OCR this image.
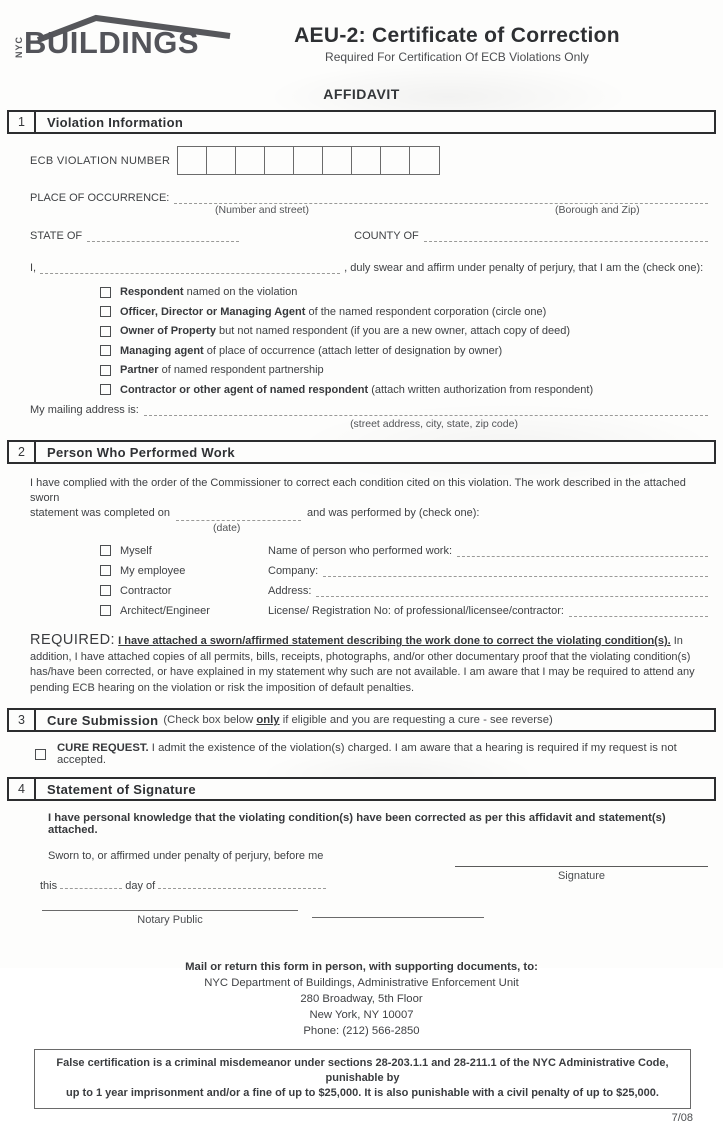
NYC BUILDINGS	AEU-2: Certificate of Correction
Required For Certification Of ECB Violations Only
AFFIDAVIT
1	Violation Information
ECB VIOLATION NUMBER
PLACE OF OCCURRENCE:
(Number and street)	(Borough and Zip)
STATE OF	COUNTY OF
I,	, duly swear and affirm under penalty of perjury, that I am the (check one):
Respondent named on the violation
Officer, Director or Managing Agent of the named respondent corporation (circle one)
Owner of Property but not named respondent (if you are a new owner, attach copy of deed)
Managing agent of place of occurrence (attach letter of designation by owner)
Partner of named respondent partnership
Contractor or other agent of named respondent (attach written authorization from respondent)
My mailing address is:
(street address, city, state, zip code)
2	Person Who Performed Work
I have complied with the order of the Commissioner to correct each condition cited on this violation. The work described in the attached sworn
statement was completed on	and was performed by (check one):
(date)
Myself	Name of person who performed work:
My employee	Company:
Contractor	Address:
Architect/Engineer	License/ Registration No: of professional/licensee/contractor:
REQUIRED: I have attached a sworn/affirmed statement describing the work done to correct the violating condition(s). In addition, I have attached copies of all permits, bills, receipts, photographs, and/or other documentary proof that the violating condition(s) has/have been corrected, or have explained in my statement why such are not available. I am aware that I may be required to attend any pending ECB hearing on the violation or risk the imposition of default penalties.
3	Cure Submission (Check box below only if eligible and you are requesting a cure - see reverse)
CURE REQUEST. I admit the existence of the violation(s) charged. I am aware that a hearing is required if my request is not accepted.
4	Statement of Signature
I have personal knowledge that the violating condition(s) have been corrected as per this affidavit and statement(s) attached.
Sworn to, or affirmed under penalty of perjury, before me
Signature
this	day of
Notary Public
Mail or return this form in person, with supporting documents, to:
NYC Department of Buildings, Administrative Enforcement Unit
280 Broadway, 5th Floor
New York, NY 10007
Phone: (212) 566-2850
False certification is a criminal misdemeanor under sections 28-203.1.1 and 28-211.1 of the NYC Administrative Code, punishable by
up to 1 year imprisonment and/or a fine of up to $25,000. It is also punishable with a civil penalty of up to $25,000.
7/08
